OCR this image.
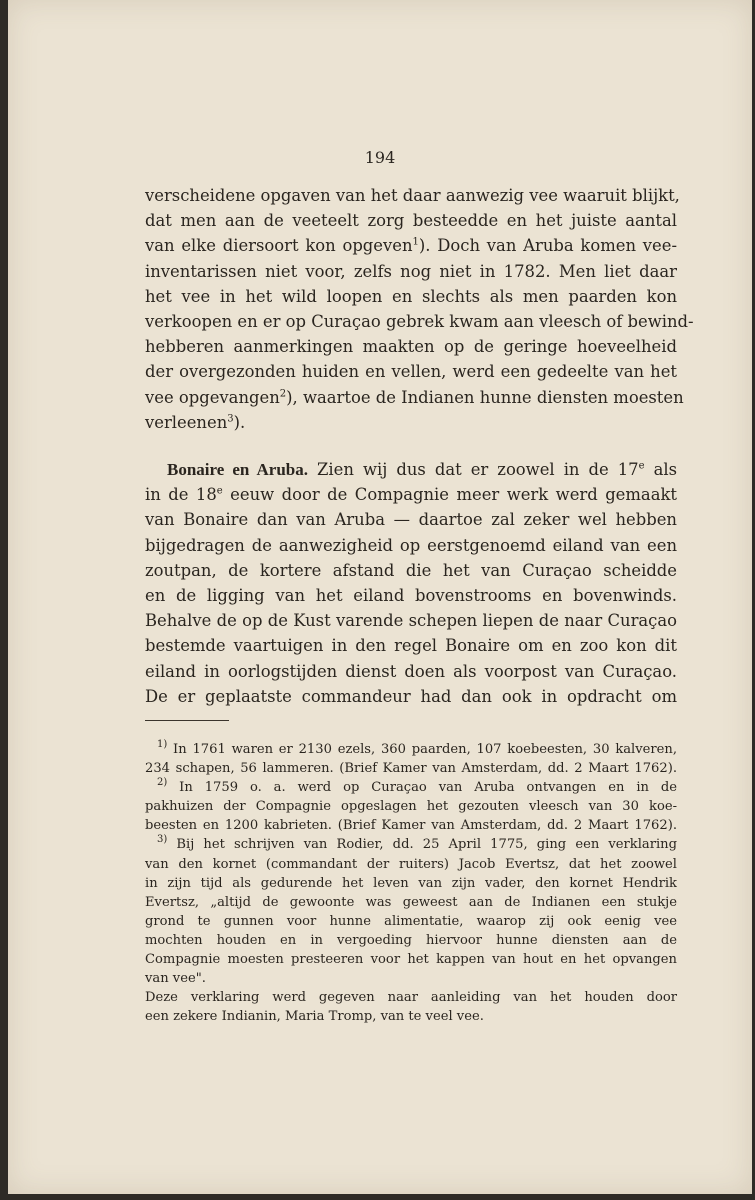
194

verscheidene opgaven van het daar aanwezig vee waaruit blijkt,
dat men aan de veeteelt zorg besteedde en het juiste aantal
van elke diersoort kon opgeven$^1$). Doch van Aruba komen vee-
inventarissen niet voor, zelfs nog niet in 1782. Men liet daar
het vee in het wild loopen en slechts als men paarden kon
verkoopen en er op Curaçao gebrek kwam aan vleesch of bewind-
hebberen aanmerkingen maakten op de geringe hoeveelheid
der overgezonden huiden en vellen, werd een gedeelte van het
vee opgevangen$^2$), waartoe de Indianen hunne diensten moesten
verleenen$^3$).

Bonaire en Aruba. Zien wij dus dat er zoowel in de 17e als
in de 18e eeuw door de Compagnie meer werk werd gemaakt
van Bonaire dan van Aruba — daartoe zal zeker wel hebben
bijgedragen de aanwezigheid op eerstgenoemd eiland van een
zoutpan, de kortere afstand die het van Curaçao scheidde
en de ligging van het eiland bovenstrooms en bovenwinds.
Behalve de op de Kust varende schepen liepen de naar Curaçao
bestemde vaartuigen in den regel Bonaire om en zoo kon dit
eiland in oorlogstijden dienst doen als voorpost van Curaçao.
De er geplaatste commandeur had dan ook in opdracht om

$^{1)}$ In 1761 waren er 2130 ezels, 360 paarden, 107 koebeesten, 30 kalveren,
234 schapen, 56 lammeren. (Brief Kamer van Amsterdam, dd. 2 Maart 1762).
$^{2)}$ In 1759 o. a. werd op Curaçao van Aruba ontvangen en in de
pakhuizen der Compagnie opgeslagen het gezouten vleesch van 30 koe-
beesten en 1200 kabrieten. (Brief Kamer van Amsterdam, dd. 2 Maart 1762).
$^{3)}$ Bij het schrijven van Rodier, dd. 25 April 1775, ging een verklaring
van den kornet (commandant der ruiters) Jacob Evertsz, dat het zoowel
in zijn tijd als gedurende het leven van zijn vader, den kornet Hendrik
Evertsz, „altijd de gewoonte was geweest aan de Indianen een stukje
grond te gunnen voor hunne alimentatie, waarop zij ook eenig vee
mochten houden en in vergoeding hiervoor hunne diensten aan de
Compagnie moesten presteeren voor het kappen van hout en het opvangen
van vee".
Deze verklaring werd gegeven naar aanleiding van het houden door
een zekere Indianin, Maria Tromp, van te veel vee.
